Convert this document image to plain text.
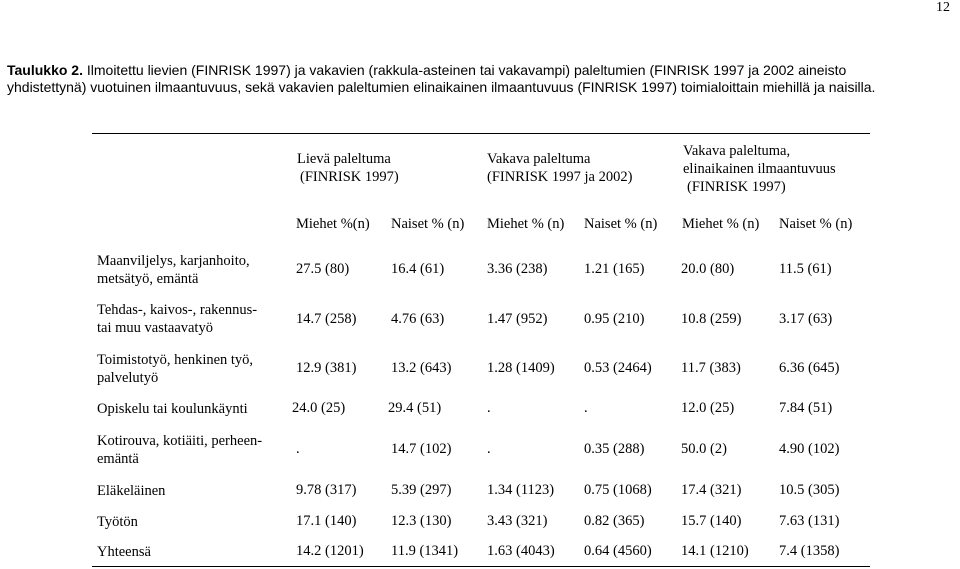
12
Taulukko 2. Ilmoitettu lievien (FINRISK 1997) ja vakavien (rakkula-asteinen tai vakavampi) paleltumien (FINRISK 1997 ja 2002 aineisto
yhdistettynä) vuotuinen ilmaantuvuus, sekä vakavien paleltumien elinaikainen ilmaantuvuus (FINRISK 1997) toimialoittain miehillä ja naisilla.
Lievä paleltuma
(FINRISK 1997)
Vakava paleltuma
(FINRISK 1997 ja 2002)
Vakava paleltuma,
elinaikainen ilmaantuvuus
(FINRISK 1997)
Miehet %(n) Naiset % (n) Miehet % (n) Naiset % (n) Miehet % (n) Naiset % (n)
Maanviljelys, karjanhoito,
metsätyö, emäntä
27.5 (80)	16.4 (61)	3.36 (238)	1.21 (165)	20.0 (80)	11.5 (61)
Tehdas-, kaivos-, rakennus-
tai muu vastaavatyö
14.7 (258) 4.76 (63)	1.47 (952)	0.95 (210)	10.8 (259)	3.17 (63)
Toimistotyö, henkinen työ,
palvelutyö
12.9 (381) 13.2 (643) 1.28 (1409) 0.53 (2464) 11.7 (383)	6.36 (645)
Opiskelu tai koulunkäynti	24.0 (25)	29.4 (51)	.	.	12.0 (25)	7.84 (51)
Kotirouva, kotiäiti, perheen-
emäntä
.	14.7 (102) .	0.35 (288)	50.0 (2)	4.90 (102)
Eläkeläinen	9.78 (317) 5.39 (297) 1.34 (1123) 0.75 (1068) 17.4 (321)	10.5 (305)
Työtön	17.1 (140) 12.3 (130) 3.43 (321)	0.82 (365)	15.7 (140)	7.63 (131)
Yhteensä	14.2 (1201) 11.9 (1341) 1.63 (4043) 0.64 (4560) 14.1 (1210) 7.4 (1358)
